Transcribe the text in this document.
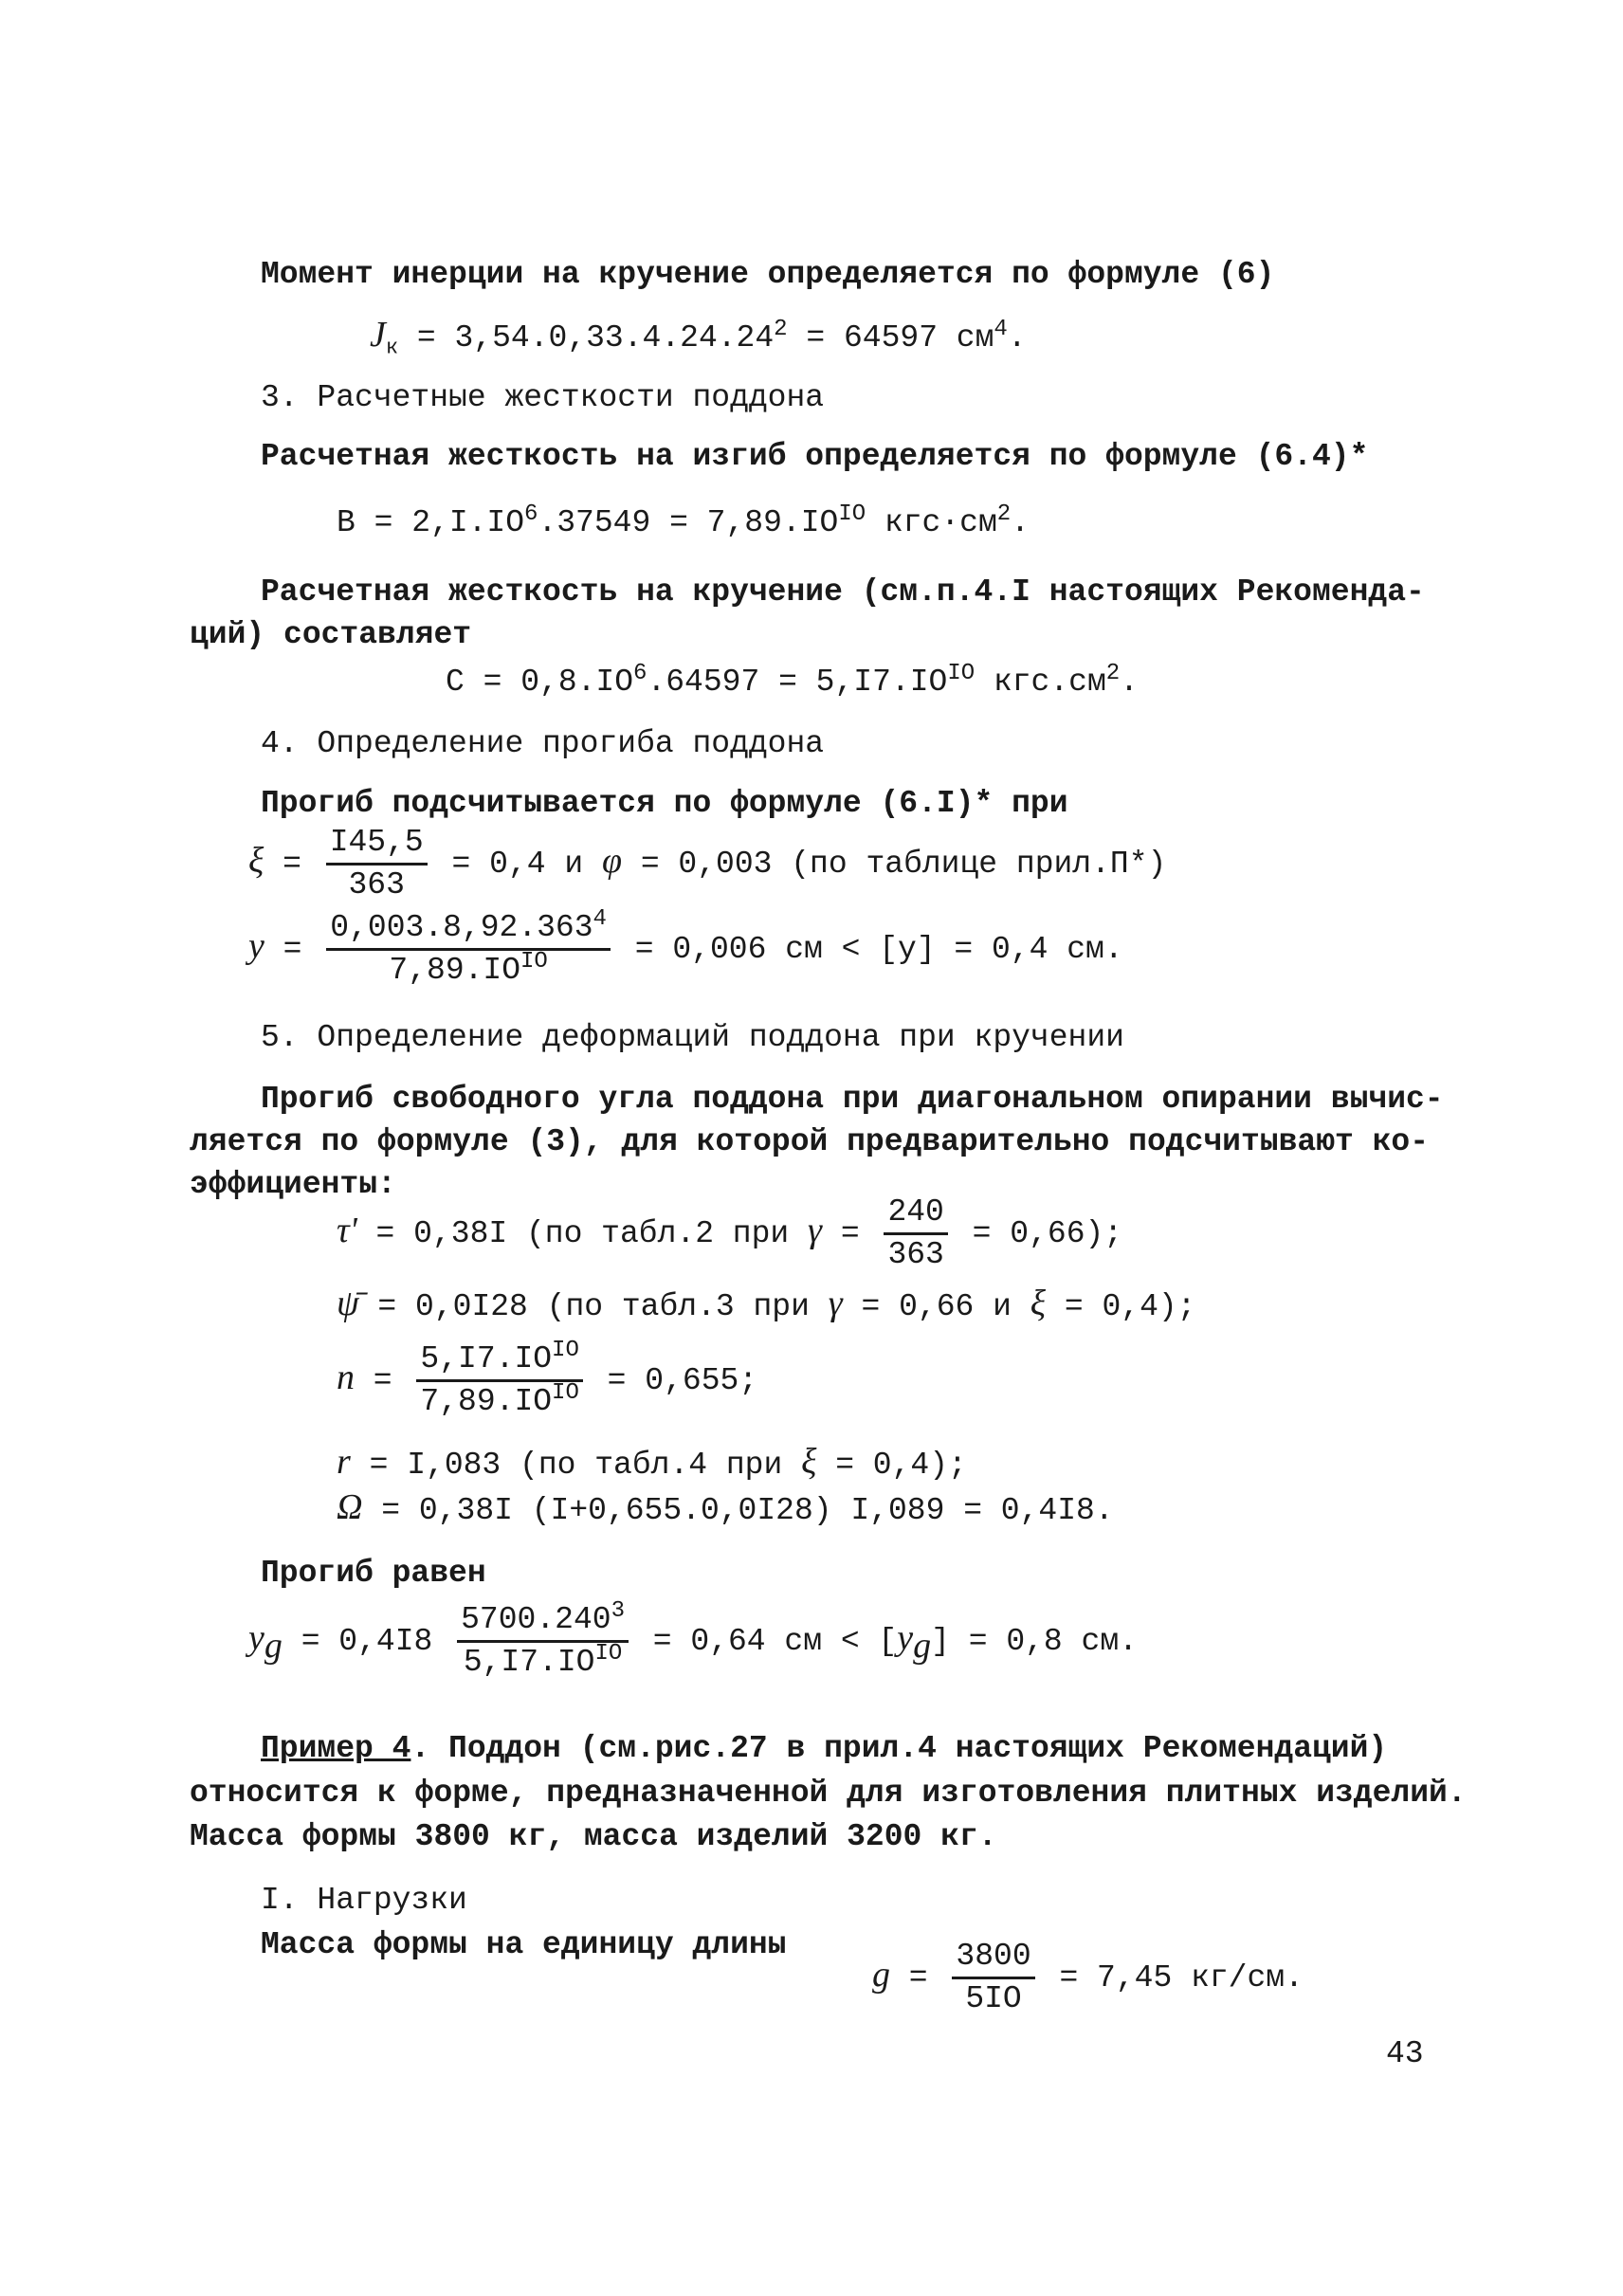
Момент инерции на кручение определяется по формуле (6)
$J_к = 3,54.0,33.4.24.24^2 = 64597$ $см^4$.
3. Расчетные жесткости поддона
Расчетная жесткость на изгиб определяется по формуле (6.4)*
$B = 2,I.IO^6.37549 = 7,89.IO^{IO}$ $кгс\cdot см^2$.
Расчетная жесткость на кручение (см.п.4.I настоящих Рекоменда-
ций) составляет
$C = 0,8.IO^6.64597 = 5,I7.IO^{IO}$ $кгс.см^2$.
4. Определение прогиба поддона
Прогиб подсчитывается по формуле (6.I)* при
$\xi = \frac{I45,5}{363} = 0,4$ и φ = 0,003 (по таблице прил.П*)
$y = \frac{0,003.8,92.363^4}{7,89.IO^{IO}} = 0,006$ см < [y] = 0,4 см.
5. Определение деформаций поддона при кручении
Прогиб свободного угла поддона при диагональном опирании вычис-
ляется по формуле (3), для которой предварительно подсчитывают ко-
эффициенты:
τ' = 0,38I (по табл.2 при $\gamma = \frac{240}{363} = 0,66$);
ψ̄ = 0,0I28 (по табл.3 при γ = 0,66 и ξ = 0,4);
$n = \frac{5,I7.IO^{IO}}{7,89.IO^{IO}} = 0,655$;
r = I,083 (по табл.4 при ξ = 0,4);
Ω = 0,38I (I+0,655.0,0I28) I,089 = 0,4I8.
Прогиб равен
$y_g = 0,4I8 \frac{5700.240^3}{5,I7.IO^{IO}} = 0,64$ см < $[y_g] = 0,8$ см.
Пример 4. Поддон (см.рис.27 в прил.4 настоящих Рекомендаций)
относится к форме, предназначенной для изготовления плитных изделий.
Масса формы 3800 кг, масса изделий 3200 кг.
I. Нагрузки
Масса формы на единицу длины
$g = \frac{3800}{5IO} = 7,45$ кг/см.
43
